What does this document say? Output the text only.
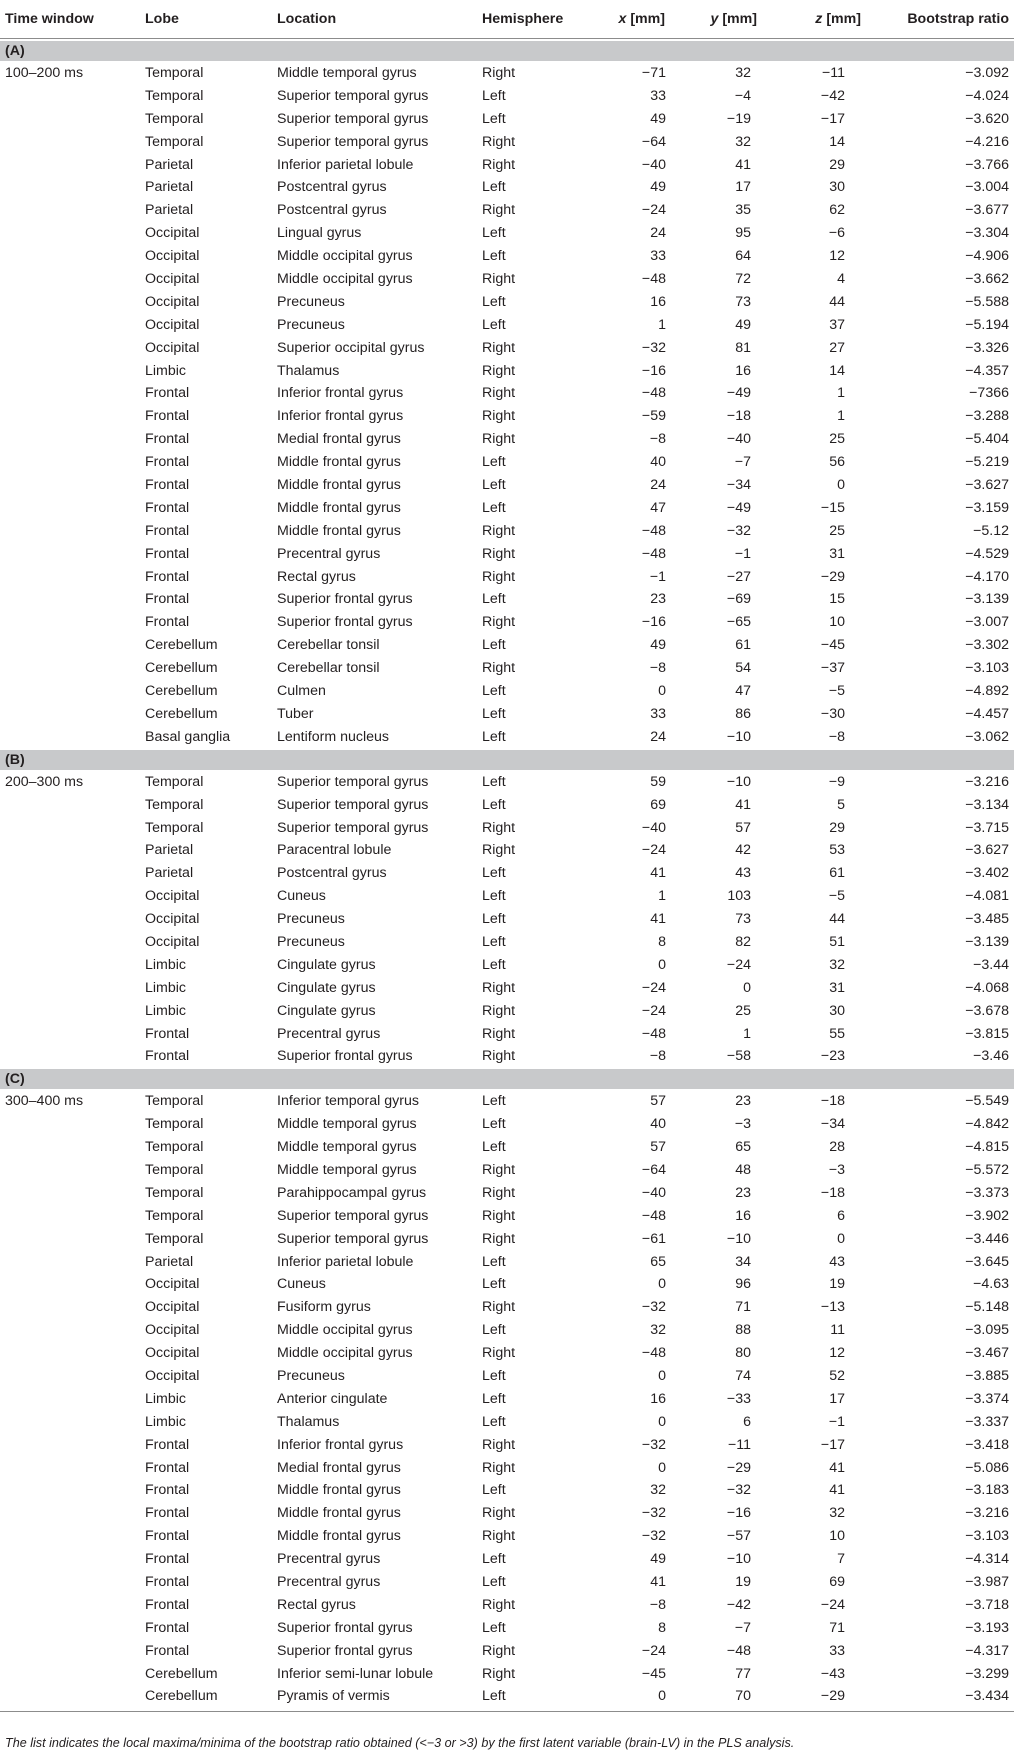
Time window	Lobe	Location	Hemisphere	x [mm]	y [mm]	z [mm]	Bootstrap ratio
(A)
100–200 ms	Temporal	Middle temporal gyrus	Right	−71	32	−11	−3.092
Temporal	Superior temporal gyrus	Left	33	−4	−42	−4.024
Temporal	Superior temporal gyrus	Left	49	−19	−17	−3.620
Temporal	Superior temporal gyrus	Right	−64	32	14	−4.216
Parietal	Inferior parietal lobule	Right	−40	41	29	−3.766
Parietal	Postcentral gyrus	Left	49	17	30	−3.004
Parietal	Postcentral gyrus	Right	−24	35	62	−3.677
Occipital	Lingual gyrus	Left	24	95	−6	−3.304
Occipital	Middle occipital gyrus	Left	33	64	12	−4.906
Occipital	Middle occipital gyrus	Right	−48	72	4	−3.662
Occipital	Precuneus	Left	16	73	44	−5.588
Occipital	Precuneus	Left	1	49	37	−5.194
Occipital	Superior occipital gyrus	Right	−32	81	27	−3.326
Limbic	Thalamus	Right	−16	16	14	−4.357
Frontal	Inferior frontal gyrus	Right	−48	−49	1	−7366
Frontal	Inferior frontal gyrus	Right	−59	−18	1	−3.288
Frontal	Medial frontal gyrus	Right	−8	−40	25	−5.404
Frontal	Middle frontal gyrus	Left	40	−7	56	−5.219
Frontal	Middle frontal gyrus	Left	24	−34	0	−3.627
Frontal	Middle frontal gyrus	Left	47	−49	−15	−3.159
Frontal	Middle frontal gyrus	Right	−48	−32	25	−5.12
Frontal	Precentral gyrus	Right	−48	−1	31	−4.529
Frontal	Rectal gyrus	Right	−1	−27	−29	−4.170
Frontal	Superior frontal gyrus	Left	23	−69	15	−3.139
Frontal	Superior frontal gyrus	Right	−16	−65	10	−3.007
Cerebellum	Cerebellar tonsil	Left	49	61	−45	−3.302
Cerebellum	Cerebellar tonsil	Right	−8	54	−37	−3.103
Cerebellum	Culmen	Left	0	47	−5	−4.892
Cerebellum	Tuber	Left	33	86	−30	−4.457
Basal ganglia	Lentiform nucleus	Left	24	−10	−8	−3.062
(B)
200–300 ms	Temporal	Superior temporal gyrus	Left	59	−10	−9	−3.216
Temporal	Superior temporal gyrus	Left	69	41	5	−3.134
Temporal	Superior temporal gyrus	Right	−40	57	29	−3.715
Parietal	Paracentral lobule	Right	−24	42	53	−3.627
Parietal	Postcentral gyrus	Left	41	43	61	−3.402
Occipital	Cuneus	Left	1	103	−5	−4.081
Occipital	Precuneus	Left	41	73	44	−3.485
Occipital	Precuneus	Left	8	82	51	−3.139
Limbic	Cingulate gyrus	Left	0	−24	32	−3.44
Limbic	Cingulate gyrus	Right	−24	0	31	−4.068
Limbic	Cingulate gyrus	Right	−24	25	30	−3.678
Frontal	Precentral gyrus	Right	−48	1	55	−3.815
Frontal	Superior frontal gyrus	Right	−8	−58	−23	−3.46
(C)
300–400 ms	Temporal	Inferior temporal gyrus	Left	57	23	−18	−5.549
Temporal	Middle temporal gyrus	Left	40	−3	−34	−4.842
Temporal	Middle temporal gyrus	Left	57	65	28	−4.815
Temporal	Middle temporal gyrus	Right	−64	48	−3	−5.572
Temporal	Parahippocampal gyrus	Right	−40	23	−18	−3.373
Temporal	Superior temporal gyrus	Right	−48	16	6	−3.902
Temporal	Superior temporal gyrus	Right	−61	−10	0	−3.446
Parietal	Inferior parietal lobule	Left	65	34	43	−3.645
Occipital	Cuneus	Left	0	96	19	−4.63
Occipital	Fusiform gyrus	Right	−32	71	−13	−5.148
Occipital	Middle occipital gyrus	Left	32	88	11	−3.095
Occipital	Middle occipital gyrus	Right	−48	80	12	−3.467
Occipital	Precuneus	Left	0	74	52	−3.885
Limbic	Anterior cingulate	Left	16	−33	17	−3.374
Limbic	Thalamus	Left	0	6	−1	−3.337
Frontal	Inferior frontal gyrus	Right	−32	−11	−17	−3.418
Frontal	Medial frontal gyrus	Right	0	−29	41	−5.086
Frontal	Middle frontal gyrus	Left	32	−32	41	−3.183
Frontal	Middle frontal gyrus	Right	−32	−16	32	−3.216
Frontal	Middle frontal gyrus	Right	−32	−57	10	−3.103
Frontal	Precentral gyrus	Left	49	−10	7	−4.314
Frontal	Precentral gyrus	Left	41	19	69	−3.987
Frontal	Rectal gyrus	Right	−8	−42	−24	−3.718
Frontal	Superior frontal gyrus	Left	8	−7	71	−3.193
Frontal	Superior frontal gyrus	Right	−24	−48	33	−4.317
Cerebellum	Inferior semi-lunar lobule	Right	−45	77	−43	−3.299
Cerebellum	Pyramis of vermis	Left	0	70	−29	−3.434
The list indicates the local maxima/minima of the bootstrap ratio obtained (<−3 or >3) by the first latent variable (brain-LV) in the PLS analysis.
